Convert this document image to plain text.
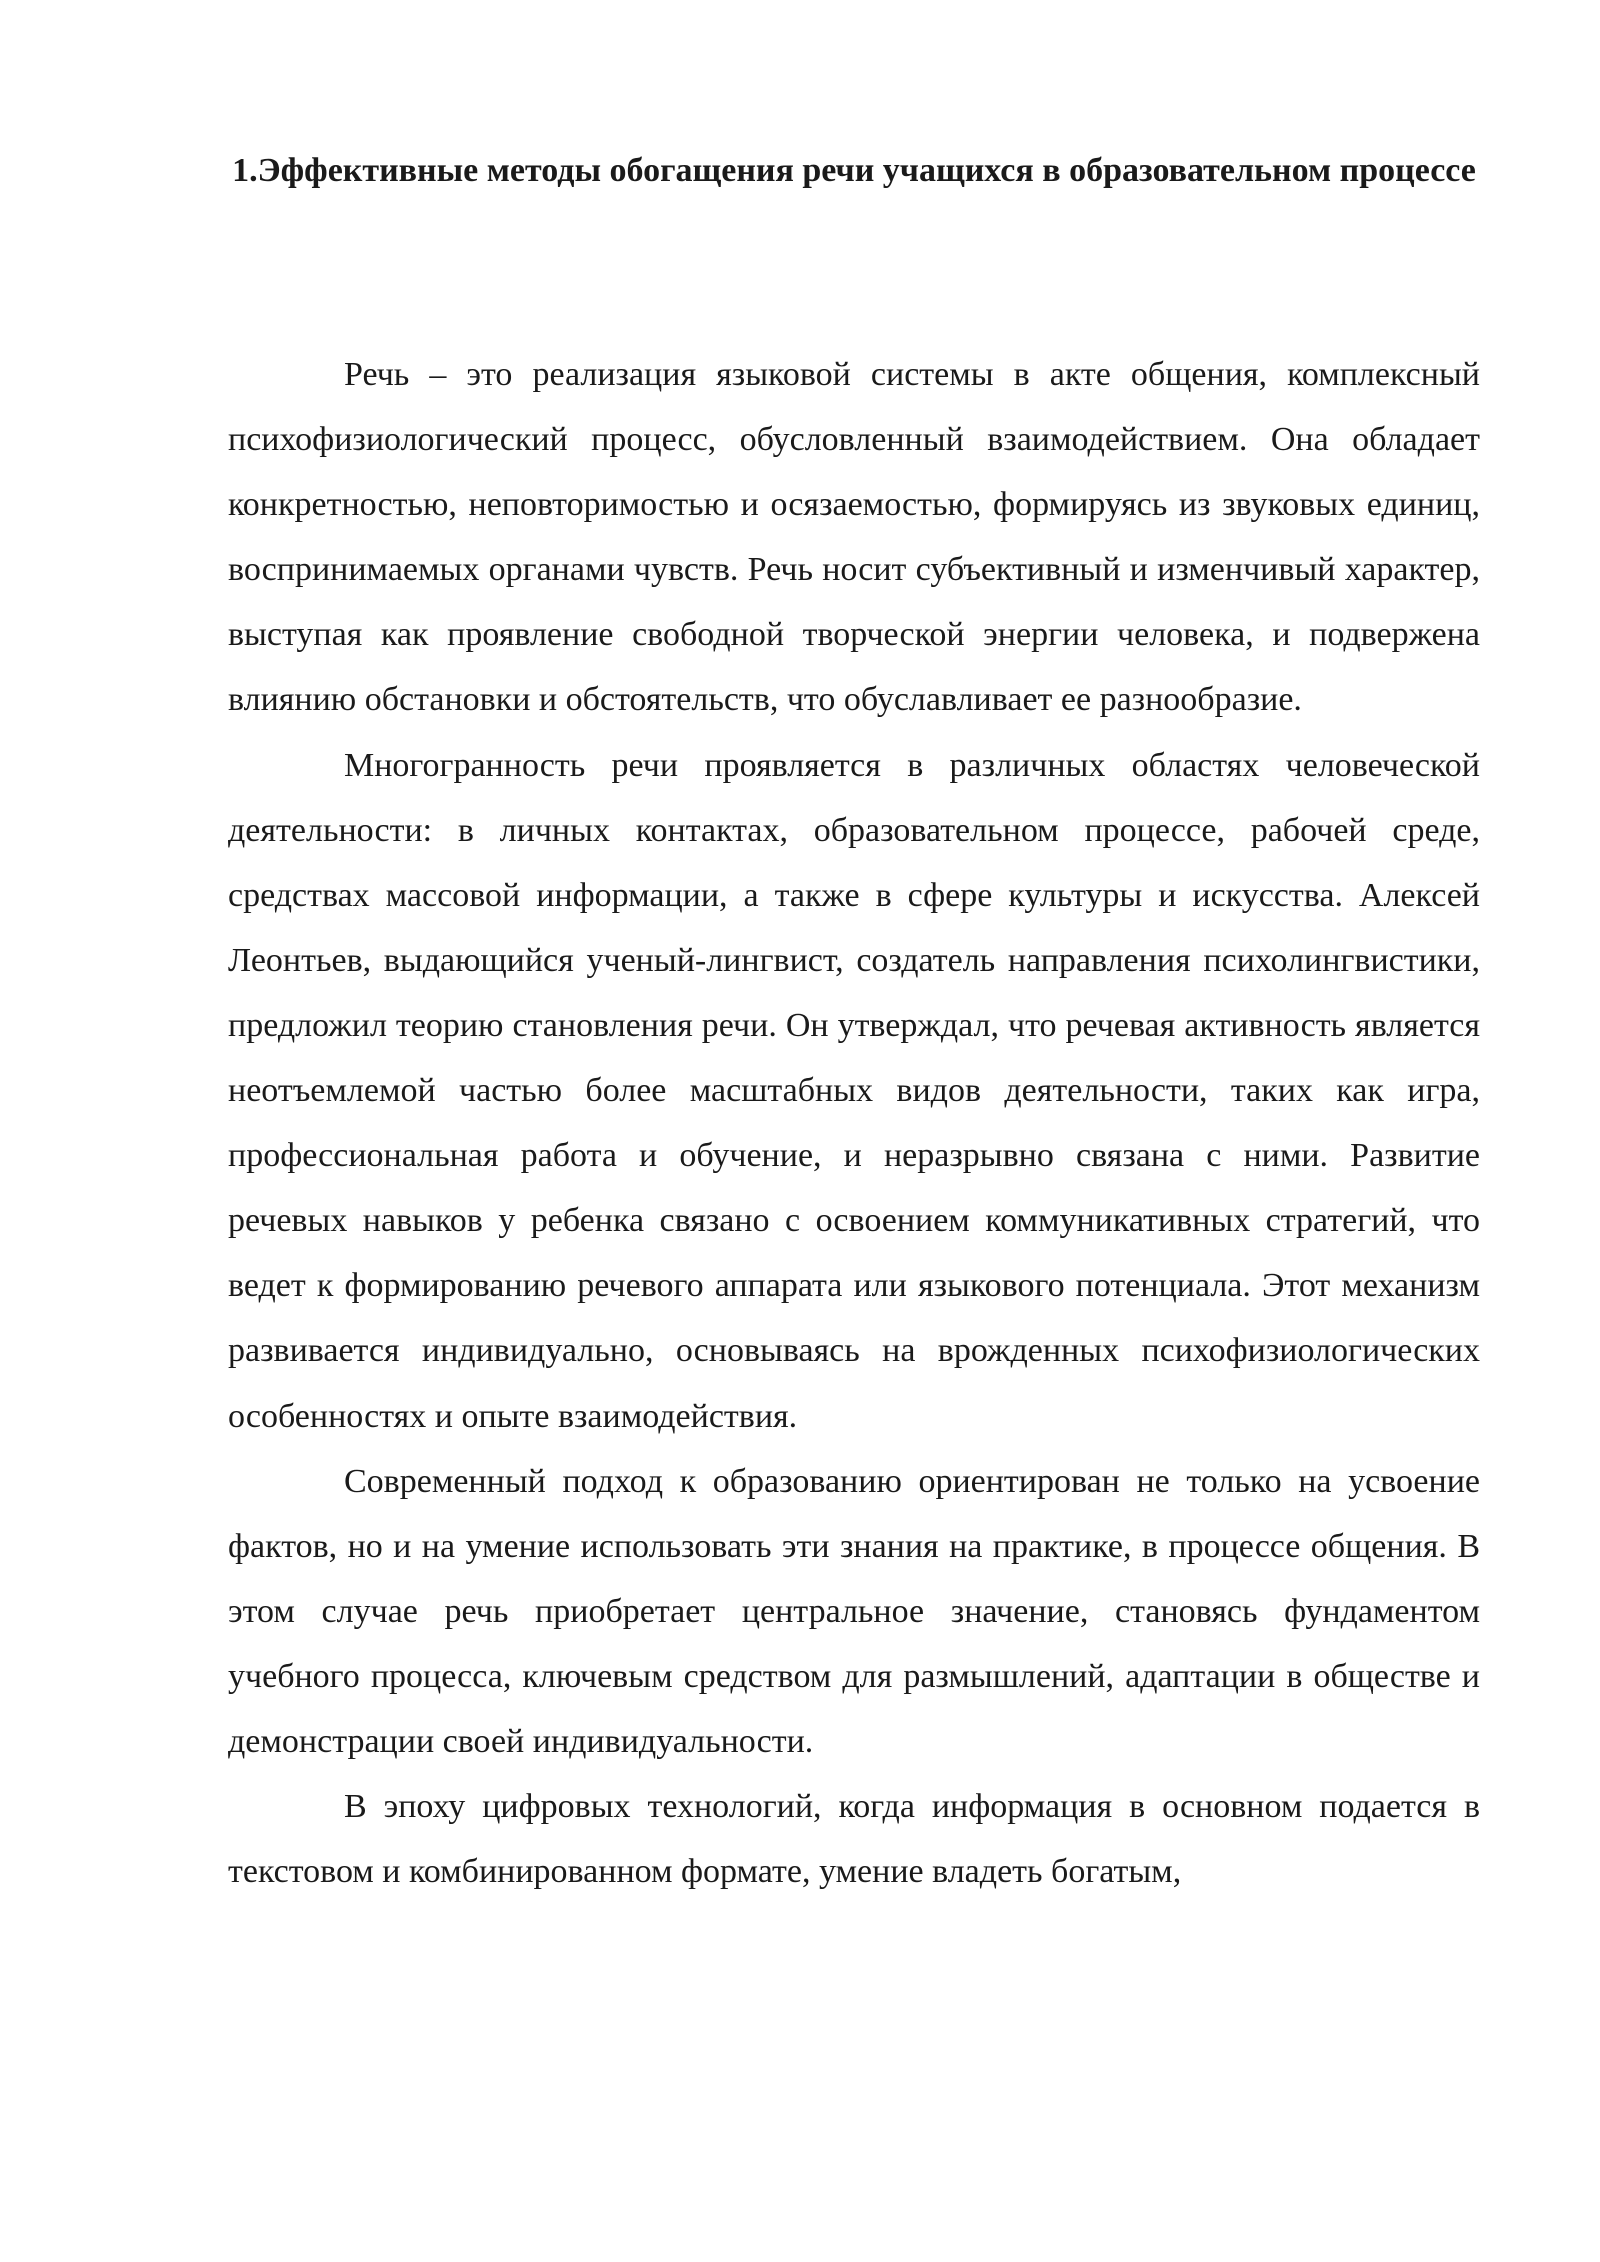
1.Эффективные методы обогащения речи учащихся в образовательном процессе

Речь – это реализация языковой системы в акте общения, комплексный психофизиологический процесс, обусловленный взаимодействием. Она обладает конкретностью, неповторимостью и осязаемостью, формируясь из звуковых единиц, воспринимаемых органами чувств. Речь носит субъективный и изменчивый характер, выступая как проявление свободной творческой энергии человека, и подвержена влиянию обстановки и обстоятельств, что обуславливает ее разнообразие.

Многогранность речи проявляется в различных областях человеческой деятельности: в личных контактах, образовательном процессе, рабочей среде, средствах массовой информации, а также в сфере культуры и искусства. Алексей Леонтьев, выдающийся ученый-лингвист, создатель направления психолингвистики, предложил теорию становления речи. Он утверждал, что речевая активность является неотъемлемой частью более масштабных видов деятельности, таких как игра, профессиональная работа и обучение, и неразрывно связана с ними. Развитие речевых навыков у ребенка связано с освоением коммуникативных стратегий, что ведет к формированию речевого аппарата или языкового потенциала. Этот механизм развивается индивидуально, основываясь на врожденных психофизиологических особенностях и опыте взаимодействия.

Современный подход к образованию ориентирован не только на усвоение фактов, но и на умение использовать эти знания на практике, в процессе общения. В этом случае речь приобретает центральное значение, становясь фундаментом учебного процесса, ключевым средством для размышлений, адаптации в обществе и демонстрации своей индивидуальности.

В эпоху цифровых технологий, когда информация в основном подается в текстовом и комбинированном формате, умение владеть богатым,
